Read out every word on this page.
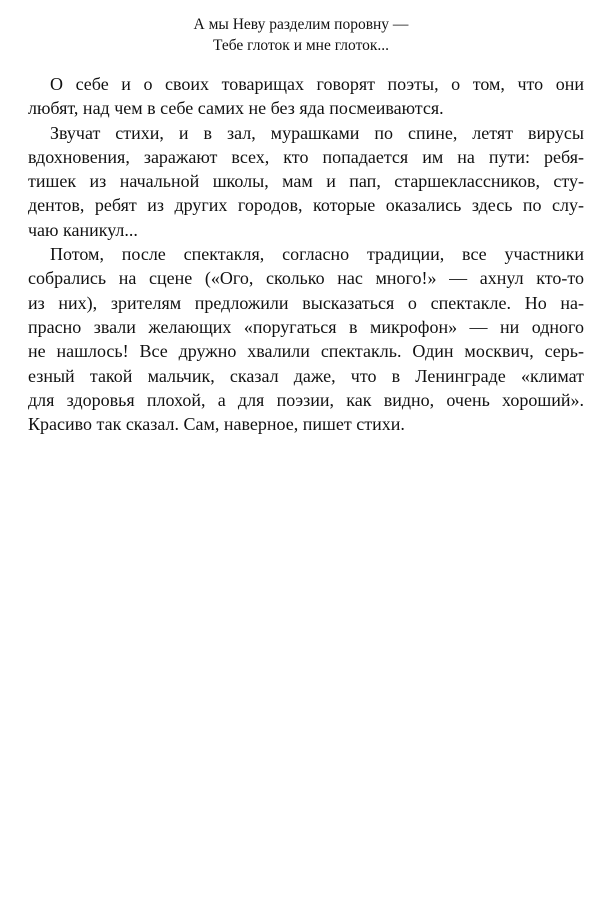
А мы Неву разделим поровну —
Тебе глоток и мне глоток...
О себе и о своих товарищах говорят поэты, о том, что они
любят, над чем в себе самих не без яда посмеиваются.
Звучат стихи, и в зал, мурашками по спине, летят вирусы
вдохновения, заражают всех, кто попадается им на пути: ребя-
тишек из начальной школы, мам и пап, старшеклассников, сту-
дентов, ребят из других городов, которые оказались здесь по слу-
чаю каникул...
Потом, после спектакля, согласно традиции, все участники
собрались на сцене («Ого, сколько нас много!» — ахнул кто-то
из них), зрителям предложили высказаться о спектакле. Но на-
прасно звали желающих «поругаться в микрофон» — ни одного
не нашлось! Все дружно хвалили спектакль. Один москвич, серь-
езный такой мальчик, сказал даже, что в Ленинграде «климат
для здоровья плохой, а для поэзии, как видно, очень хороший».
Красиво так сказал. Сам, наверное, пишет стихи.
